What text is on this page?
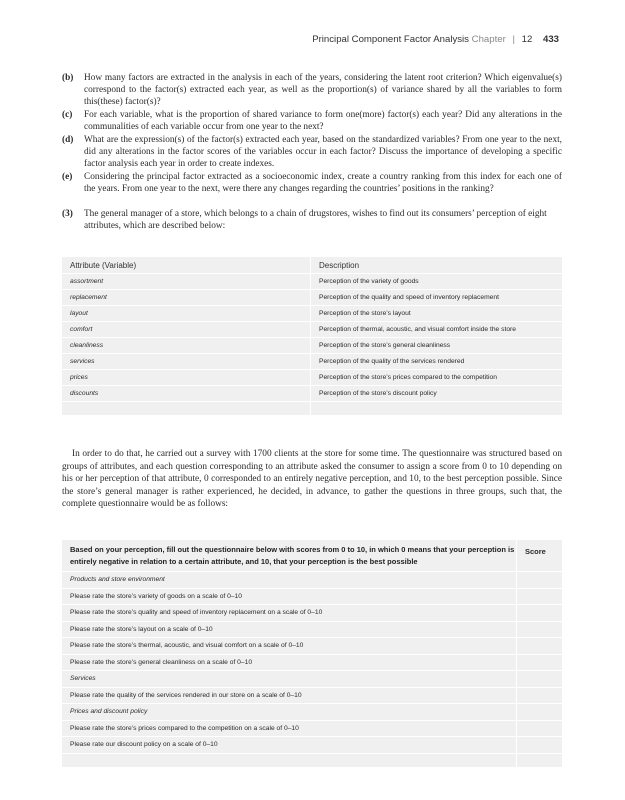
Principal Component Factor Analysis Chapter | 12 433
(b) How many factors are extracted in the analysis in each of the years, considering the latent root criterion? Which eigenvalue(s) correspond to the factor(s) extracted each year, as well as the proportion(s) of variance shared by all the variables to form this(these) factor(s)?
(c) For each variable, what is the proportion of shared variance to form one(more) factor(s) each year? Did any alterations in the communalities of each variable occur from one year to the next?
(d) What are the expression(s) of the factor(s) extracted each year, based on the standardized variables? From one year to the next, did any alterations in the factor scores of the variables occur in each factor? Discuss the importance of developing a specific factor analysis each year in order to create indexes.
(e) Considering the principal factor extracted as a socioeconomic index, create a country ranking from this index for each one of the years. From one year to the next, were there any changes regarding the countries’ positions in the ranking?
(3) The general manager of a store, which belongs to a chain of drugstores, wishes to find out its consumers’ perception of eight attributes, which are described below:
Attribute (Variable)	Description
assortment	Perception of the variety of goods
replacement	Perception of the quality and speed of inventory replacement
layout	Perception of the store’s layout
comfort	Perception of thermal, acoustic, and visual comfort inside the store
cleanliness	Perception of the store’s general cleanliness
services	Perception of the quality of the services rendered
prices	Perception of the store’s prices compared to the competition
discounts	Perception of the store’s discount policy

In order to do that, he carried out a survey with 1700 clients at the store for some time. The questionnaire was structured based on groups of attributes, and each question corresponding to an attribute asked the consumer to assign a score from 0 to 10 depending on his or her perception of that attribute, 0 corresponded to an entirely negative perception, and 10, to the best perception possible. Since the store’s general manager is rather experienced, he decided, in advance, to gather the questions in three groups, such that, the complete questionnaire would be as follows:

Based on your perception, fill out the questionnaire below with scores from 0 to 10, in which 0 means that your perception is entirely negative in relation to a certain attribute, and 10, that your perception is the best possible	Score
Products and store environment	
Please rate the store’s variety of goods on a scale of 0–10	
Please rate the store’s quality and speed of inventory replacement on a scale of 0–10	
Please rate the store’s layout on a scale of 0–10	
Please rate the store’s thermal, acoustic, and visual comfort on a scale of 0–10	
Please rate the store’s general cleanliness on a scale of 0–10	
Services	
Please rate the quality of the services rendered in our store on a scale of 0–10	
Prices and discount policy	
Please rate the store’s prices compared to the competition on a scale of 0–10	
Please rate our discount policy on a scale of 0–10	
